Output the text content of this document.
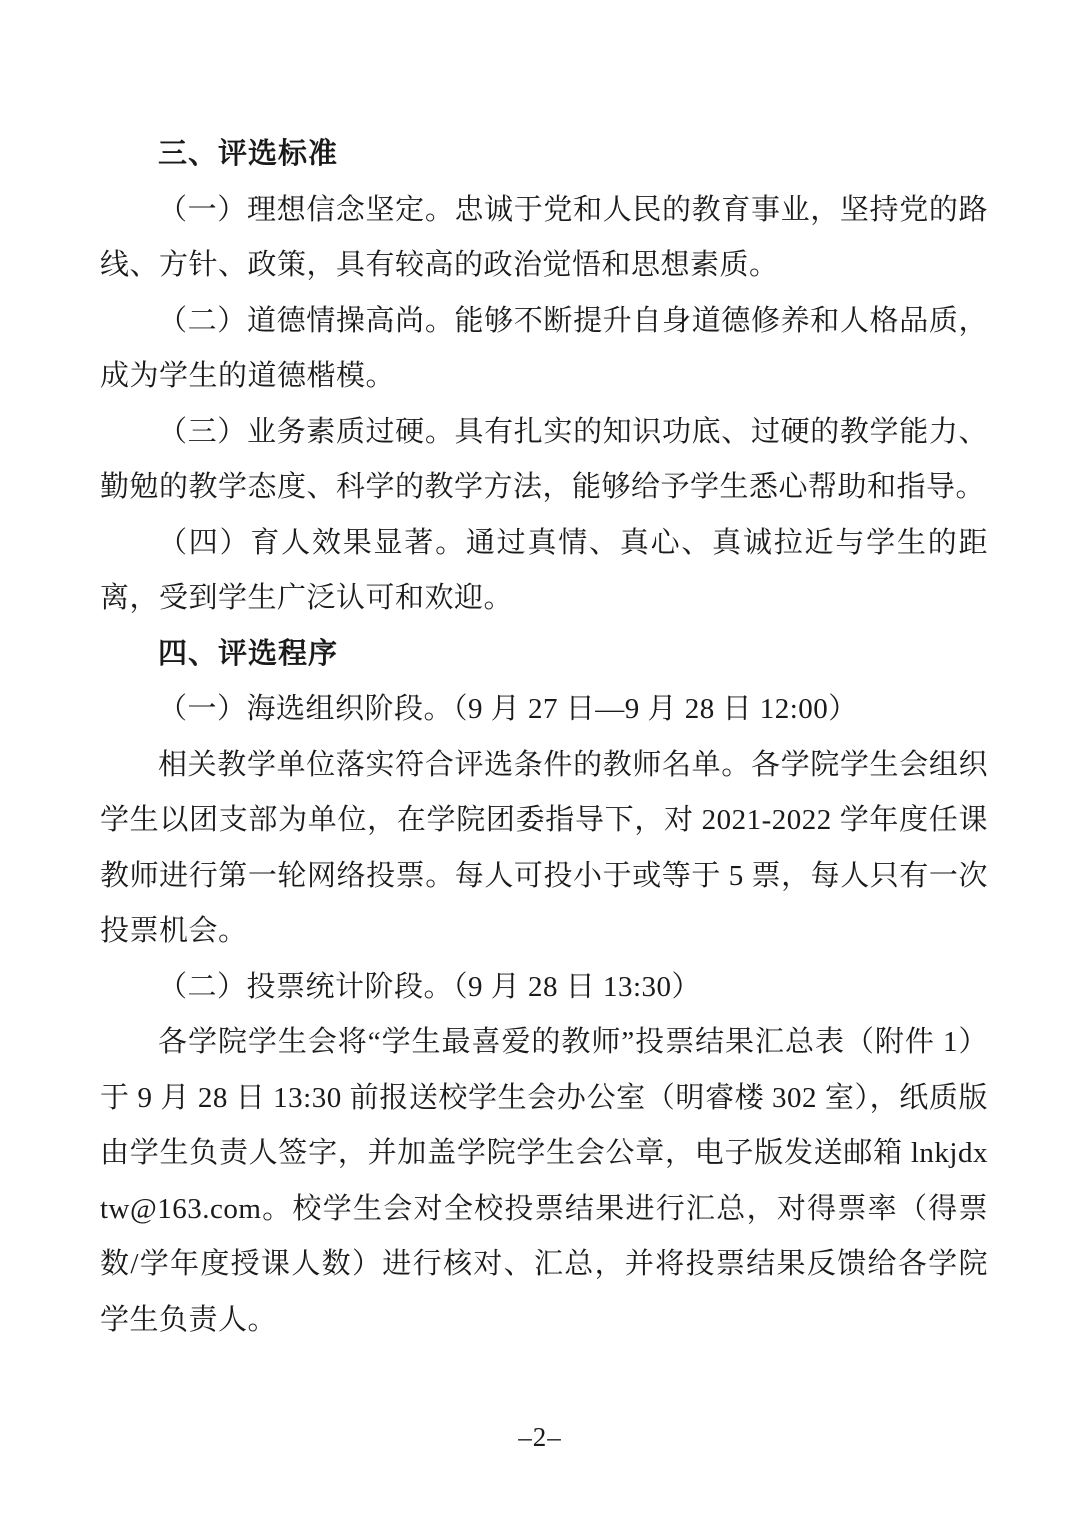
三、评选标准

（一）理想信念坚定。忠诚于党和人民的教育事业，坚持党的路线、方针、政策，具有较高的政治觉悟和思想素质。

（二）道德情操高尚。能够不断提升自身道德修养和人格品质，成为学生的道德楷模。

（三）业务素质过硬。具有扎实的知识功底、过硬的教学能力、勤勉的教学态度、科学的教学方法，能够给予学生悉心帮助和指导。

（四）育人效果显著。通过真情、真心、真诚拉近与学生的距离，受到学生广泛认可和欢迎。

四、评选程序

（一）海选组织阶段。（9 月 27 日—9 月 28 日 12:00）

相关教学单位落实符合评选条件的教师名单。各学院学生会组织学生以团支部为单位，在学院团委指导下，对 2021-2022 学年度任课教师进行第一轮网络投票。每人可投小于或等于 5 票，每人只有一次投票机会。

（二）投票统计阶段。（9 月 28 日 13:30）

各学院学生会将“学生最喜爱的教师”投票结果汇总表（附件 1）于 9 月 28 日 13:30 前报送校学生会办公室（明睿楼 302 室），纸质版由学生负责人签字，并加盖学院学生会公章，电子版发送邮箱 lnkjdxtw@163.com。校学生会对全校投票结果进行汇总，对得票率（得票数/学年度授课人数）进行核对、汇总，并将投票结果反馈给各学院学生负责人。

–2–
